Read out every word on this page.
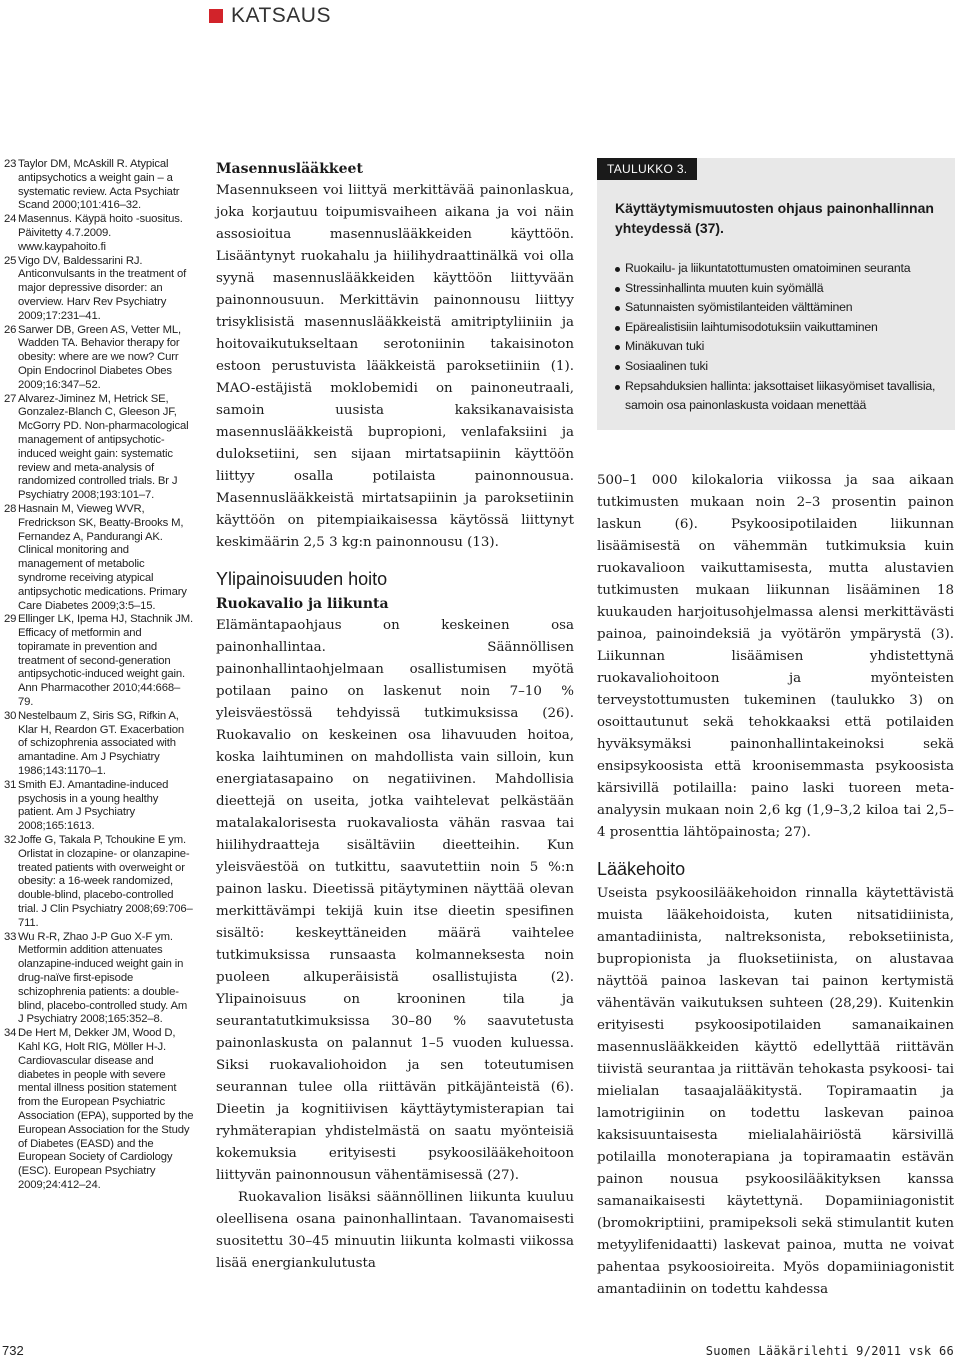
KATSAUS
23 Taylor DM, McAskill R. Atypical antipsychotics a weight gain – a systematic review. Acta Psychiatr Scand 2000;101:416–32.
24 Masennus. Käypä hoito -suositus. Päivitetty 4.7.2009. www.kaypahoito.fi
25 Vigo DV, Baldessarini RJ. Anticonvulsants in the treatment of major depressive disorder: an overview. Harv Rev Psychiatry 2009;17:231–41.
26 Sarwer DB, Green AS, Vetter ML, Wadden TA. Behavior therapy for obesity: where are we now? Curr Opin Endocrinol Diabetes Obes 2009;16:347–52.
27 Alvarez-Jiminez M, Hetrick SE, Gonzalez-Blanch C, Gleeson JF, McGorry PD. Non-pharmacological management of antipsychotic-induced weight gain: systematic review and meta-analysis of randomized controlled trials. Br J Psychiatry 2008;193:101–7.
28 Hasnain M, Vieweg WVR, Fredrickson SK, Beatty-Brooks M, Fernandez A, Pandurangi AK. Clinical monitoring and management of metabolic syndrome receiving atypical antipsychotic medications. Primary Care Diabetes 2009;3:5–15.
29 Ellinger LK, Ipema HJ, Stachnik JM. Efficacy of metformin and topiramate in prevention and treatment of second-generation antipsychotic-induced weight gain. Ann Pharmacother 2010;44:668–79.
30 Nestelbaum Z, Siris SG, Rifkin A, Klar H, Reardon GT. Exacerbation of schizophrenia associated with amantadine. Am J Psychiatry 1986;143:1170–1.
31 Smith EJ. Amantadine-induced psychosis in a young healthy patient. Am J Psychiatry 2008;165:1613.
32 Joffe G, Takala P, Tchoukine E ym. Orlistat in clozapine- or olanzapine-treated patients with overweight or obesity: a 16-week randomized, double-blind, placebo-controlled trial. J Clin Psychiatry 2008;69:706–711.
33 Wu R-R, Zhao J-P Guo X-F ym. Metformin addition attenuates olanzapine-induced weight gain in drug-naïve first-episode schizophrenia patients: a double-blind, placebo-controlled study. Am J Psychiatry 2008;165:352–8.
34 De Hert M, Dekker JM, Wood D, Kahl KG, Holt RIG, Möller H-J. Cardiovascular disease and diabetes in people with severe mental illness position statement from the European Psychiatric Association (EPA), supported by the European Association for the Study of Diabetes (EASD) and the European Society of Cardiology (ESC). European Psychiatry 2009;24:412–24.
Masennuslääkkeet

Masennukseen voi liittyä merkittävää painonlaskua, joka korjautuu toipumisvaiheen aikana ja voi näin assosioitua masennuslääkkeiden käyttöön. Lisääntynyt ruokahalu ja hiilihydraattinälkä voi olla syynä masennuslääkkeiden käyttöön liittyvään painonnousuun. Merkittävin painonnousu liittyy trisyklisistä masennuslääkkeistä amitriptyliiniin ja hoitovaikutukseltaan serotoniinin takaisinoton estoon perustuvista lääkkeistä paroksetiiniin (1). MAO-estäjistä moklobemidi on painoneutraali, samoin uusista kaksikanavaisista masennuslääkkeistä bupropioni, venlafaksiini ja duloksetiini, sen sijaan mirtatsapiinin käyttöön liittyy osalla potilaista painonnousua. Masennuslääkkeistä mirtatsapiinin ja paroksetiinin käyttöön on pitempiaikaisessa käytössä liittynyt keskimäärin 2,5 3 kg:n painonnousu (13).

Ylipainoisuuden hoito
Ruokavalio ja liikunta

Elämäntapaohjaus on keskeinen osa painonhallintaa. Säännöllisen painonhallintaohjelmaan osallistumisen myötä potilaan paino on laskenut noin 7–10 % yleisväestössä tehdyissä tutkimuksissa (26). Ruokavalio on keskeinen osa lihavuuden hoitoa, koska laihtuminen on mahdollista vain silloin, kun energiatasapaino on negatiivinen. Mahdollisia dieettejä on useita, jotka vaihtelevat pelkästään matalakalorisesta ruokavaliosta vähän rasvaa tai hiilihydraatteja sisältäviin dieetteihin. Kun yleisväestöä on tutkittu, saavutettiin noin 5 %:n painon lasku. Dieetissä pitäytyminen näyttää olevan merkittävämpi tekijä kuin itse dieetin spesifinen sisältö: keskeyttäneiden määrä vaihtelee tutkimuksissa runsaasta kolmanneksesta noin puoleen alkuperäisistä osallistujista (2). Ylipainoisuus on krooninen tila ja seurantatutkimuksissa 30–80 % saavutetusta painonlaskusta on palannut 1–5 vuoden kuluessa. Siksi ruokavaliohoidon ja sen toteutumisen seurannan tulee olla riittävän pitkäjänteistä (6). Dieetin ja kognitiivisen käyttäytymisterapian tai ryhmäterapian yhdistelmästä on saatu myönteisiä kokemuksia erityisesti psykoosilääkehoitoon liittyvän painonnousun vähentämisessä (27).

Ruokavalion lisäksi säännöllinen liikunta kuuluu oleellisena osana painonhallintaan. Tavanomaisesti suositettu 30–45 minuutin liikunta kolmasti viikossa lisää energiankulutusta

TAULUKKO 3.
Käyttäytymismuutosten ohjaus painonhallinnan yhteydessä (37).
Ruokailu- ja liikuntatottumusten omatoiminen seuranta
Stressinhallinta muuten kuin syömällä
Satunnaisten syömistilanteiden välttäminen
Epärealistisiin laihtumisodotuksiin vaikuttaminen
Minäkuvan tuki
Sosiaalinen tuki
Repsahduksien hallinta: jaksottaiset liikasyömiset tavallisia, samoin osa painonlaskusta voidaan menettää

500–1 000 kilokaloria viikossa ja saa aikaan tutkimusten mukaan noin 2–3 prosentin painon laskun (6). Psykoosipotilaiden liikunnan lisäämisestä on vähemmän tutkimuksia kuin ruokavalioon vaikuttamisesta, mutta alustavien tutkimusten mukaan liikunnan lisääminen 18 kuukauden harjoitusohjelmassa alensi merkittävästi painoa, painoindeksiä ja vyötärön ympärystä (3). Liikunnan lisäämisen yhdistettynä ruokavaliohoitoon ja myönteisten terveystottumusten tukeminen (taulukko 3) on osoittautunut sekä tehokkaaksi että potilaiden hyväksymäksi painonhallintakeinoksi sekä ensipsykoosista että kroonisemmasta psykoosista kärsivillä potilailla: paino laski tuoreen meta-analyysin mukaan noin 2,6 kg (1,9–3,2 kiloa tai 2,5–4 prosenttia lähtöpainosta; 27).

Lääkehoito

Useista psykoosilääkehoidon rinnalla käytettävistä muista lääkehoidoista, kuten nitsatidiinista, amantadiinista, naltreksonista, reboksetiinista, bupropionista ja fluoksetiinista, on alustavaa näyttöä painoa laskevan tai painon kertymistä vähentävän vaikutuksen suhteen (28,29). Kuitenkin erityisesti psykoosipotilaiden samanaikainen masennuslääkkeiden käyttö edellyttää riittävän tiivistä seurantaa ja riittävän tehokasta psykoosi- tai mielialan tasaajalääkitystä. Topiramaatin ja lamotrigiinin on todettu laskevan painoa kaksisuuntaisesta mielialahäiriöstä kärsivillä potilailla monoterapiana ja topiramaatin estävän painon nousua psykoosilääkityksen kanssa samanaikaisesti käytettynä. Dopamiiniagonistit (bromokriptiini, pramipeksoli sekä stimulantit kuten metyylifenidaatti) laskevat painoa, mutta ne voivat pahentaa psykoosioireita. Myös dopamiiniagonistit amantadiinin on todettu kahdessa

732	Suomen Lääkärilehti 9/2011 vsk 66
